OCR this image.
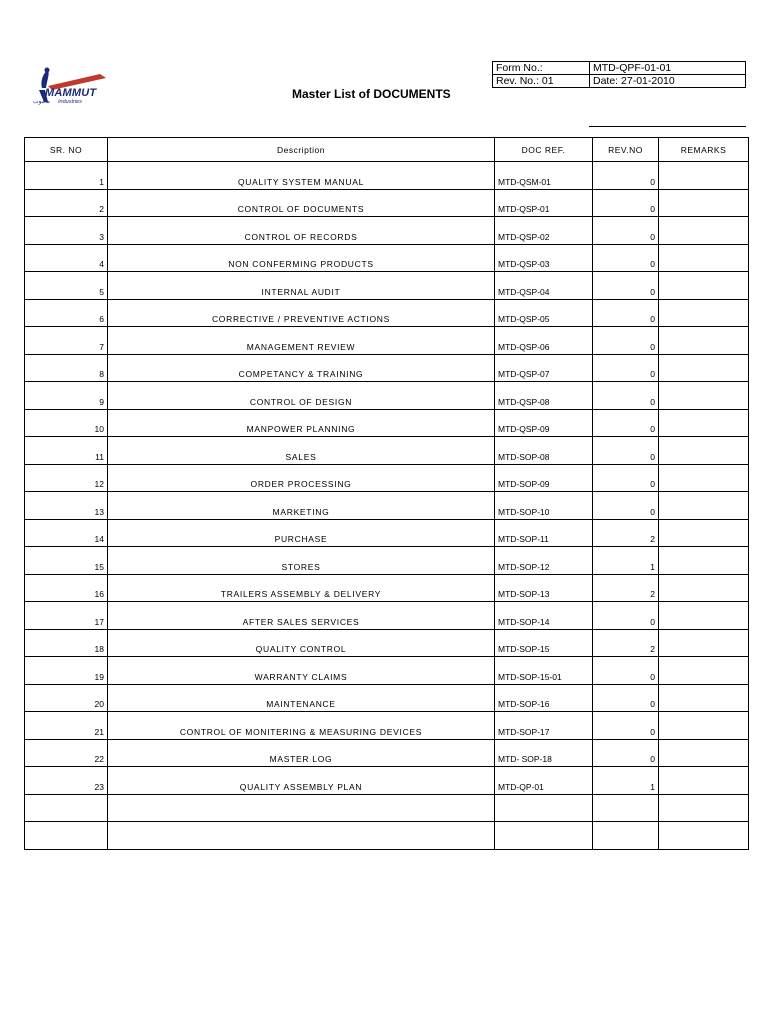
MAMMUT
ماموت Industries
Master List of DOCUMENTS
Form No.:	MTD-QPF-01-01
Rev. No.: 01	Date: 27-01-2010
SR. NO	Description	DOC REF.	REV.NO	REMARKS
1	QUALITY SYSTEM MANUAL	MTD-QSM-01	0	
2	CONTROL OF DOCUMENTS	MTD-QSP-01	0	
3	CONTROL OF RECORDS	MTD-QSP-02	0	
4	NON CONFERMING PRODUCTS	MTD-QSP-03	0	
5	INTERNAL AUDIT	MTD-QSP-04	0	
6	CORRECTIVE / PREVENTIVE ACTIONS	MTD-QSP-05	0	
7	MANAGEMENT REVIEW	MTD-QSP-06	0	
8	COMPETANCY & TRAINING	MTD-QSP-07	0	
9	CONTROL OF DESIGN	MTD-QSP-08	0	
10	MANPOWER PLANNING	MTD-QSP-09	0	
11	SALES	MTD-SOP-08	0	
12	ORDER PROCESSING	MTD-SOP-09	0	
13	MARKETING	MTD-SOP-10	0	
14	PURCHASE	MTD-SOP-11	2	
15	STORES	MTD-SOP-12	1	
16	TRAILERS ASSEMBLY & DELIVERY	MTD-SOP-13	2	
17	AFTER SALES SERVICES	MTD-SOP-14	0	
18	QUALITY CONTROL	MTD-SOP-15	2	
19	WARRANTY CLAIMS	MTD-SOP-15-01	0	
20	MAINTENANCE	MTD-SOP-16	0	
21	CONTROL OF MONITERING & MEASURING DEVICES	MTD-SOP-17	0	
22	MASTER LOG	MTD- SOP-18	0	
23	QUALITY ASSEMBLY PLAN	MTD-QP-01	1	
